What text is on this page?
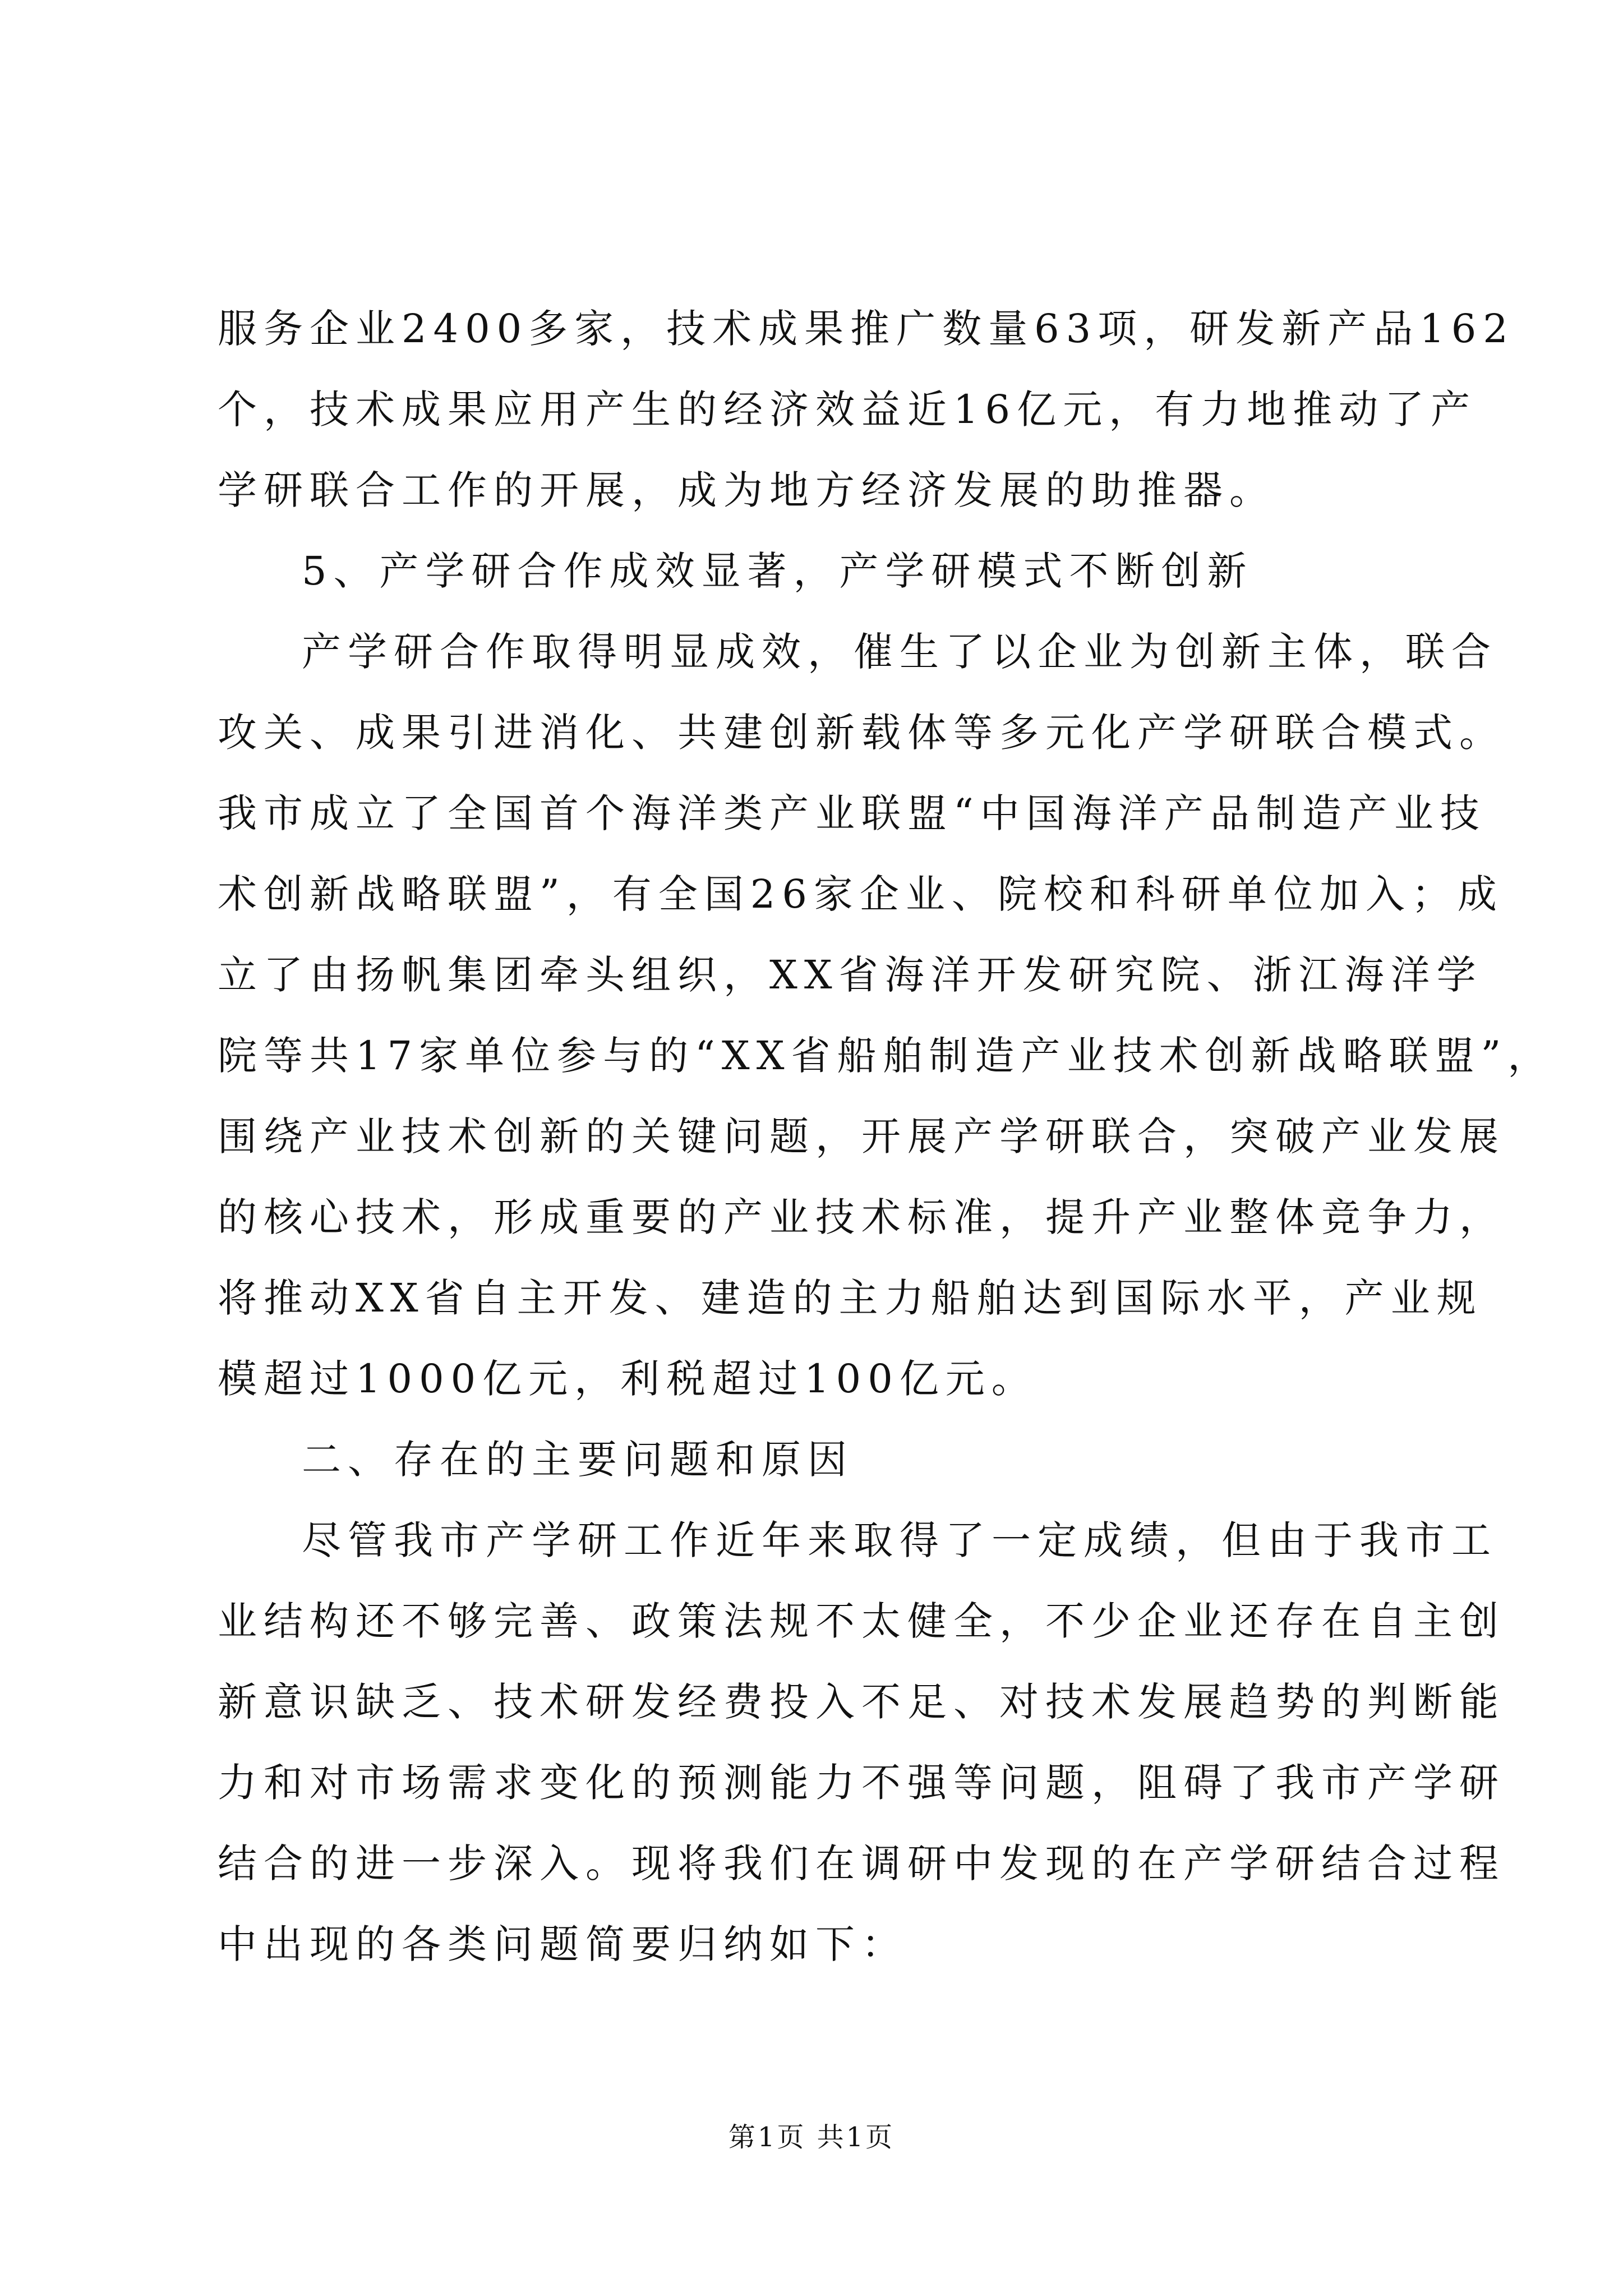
服务企业2400多家，技术成果推广数量63项，研发新产品162
个，技术成果应用产生的经济效益近16亿元，有力地推动了产
学研联合工作的开展，成为地方经济发展的助推器。
5、产学研合作成效显著，产学研模式不断创新
产学研合作取得明显成效，催生了以企业为创新主体，联合
攻关、成果引进消化、共建创新载体等多元化产学研联合模式。
我市成立了全国首个海洋类产业联盟“中国海洋产品制造产业技
术创新战略联盟”，有全国26家企业、院校和科研单位加入；成
立了由扬帆集团牵头组织，XX省海洋开发研究院、浙江海洋学
院等共17家单位参与的“XX省船舶制造产业技术创新战略联盟”，
围绕产业技术创新的关键问题，开展产学研联合，突破产业发展
的核心技术，形成重要的产业技术标准，提升产业整体竞争力，
将推动XX省自主开发、建造的主力船舶达到国际水平，产业规
模超过1000亿元，利税超过100亿元。
二、存在的主要问题和原因
尽管我市产学研工作近年来取得了一定成绩，但由于我市工
业结构还不够完善、政策法规不太健全，不少企业还存在自主创
新意识缺乏、技术研发经费投入不足、对技术发展趋势的判断能
力和对市场需求变化的预测能力不强等问题，阻碍了我市产学研
结合的进一步深入。现将我们在调研中发现的在产学研结合过程
中出现的各类问题简要归纳如下：
第1页 共1页
